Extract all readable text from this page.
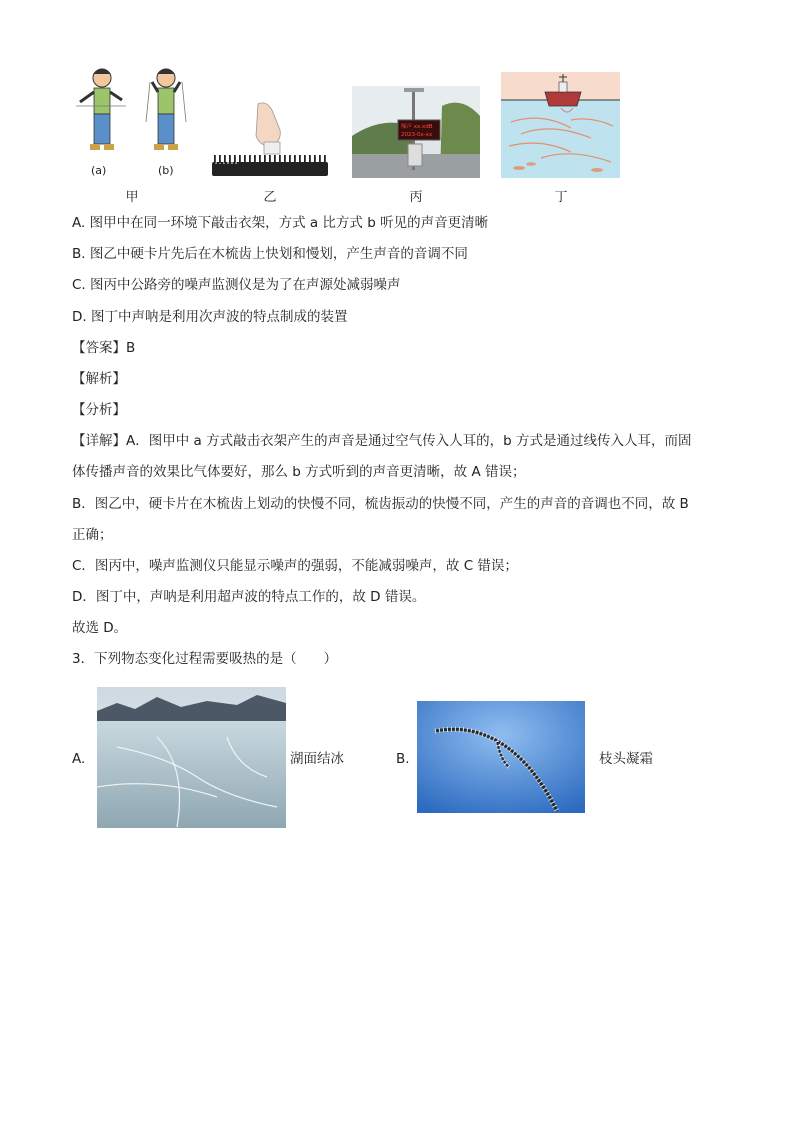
(a)	(b)
甲	乙
噪声 xx.xdB
2023-0x-xx
丙	丁
A. 图甲中在同一环境下敲击衣架，方式 a 比方式 b 听见的声音更清晰
B. 图乙中硬卡片先后在木梳齿上快划和慢划，产生声音的音调不同
C. 图丙中公路旁的噪声监测仪是为了在声源处减弱噪声
D. 图丁中声呐是利用次声波的特点制成的装置
【答案】B
【解析】
【分析】
【详解】A．图甲中 a 方式敲击衣架产生的声音是通过空气传入人耳的，b 方式是通过线传入人耳，而固
体传播声音的效果比气体要好，那么 b 方式听到的声音更清晰，故 A 错误；
B．图乙中，硬卡片在木梳齿上划动的快慢不同，梳齿振动的快慢不同，产生的声音的音调也不同，故 B
正确；
C．图丙中，噪声监测仪只能显示噪声的强弱，不能减弱噪声，故 C 错误；
D．图丁中，声呐是利用超声波的特点工作的，故 D 错误。
故选 D。
3．下列物态变化过程需要吸热的是（　　）
A.	湖面结冰	B.	枝头凝霜
